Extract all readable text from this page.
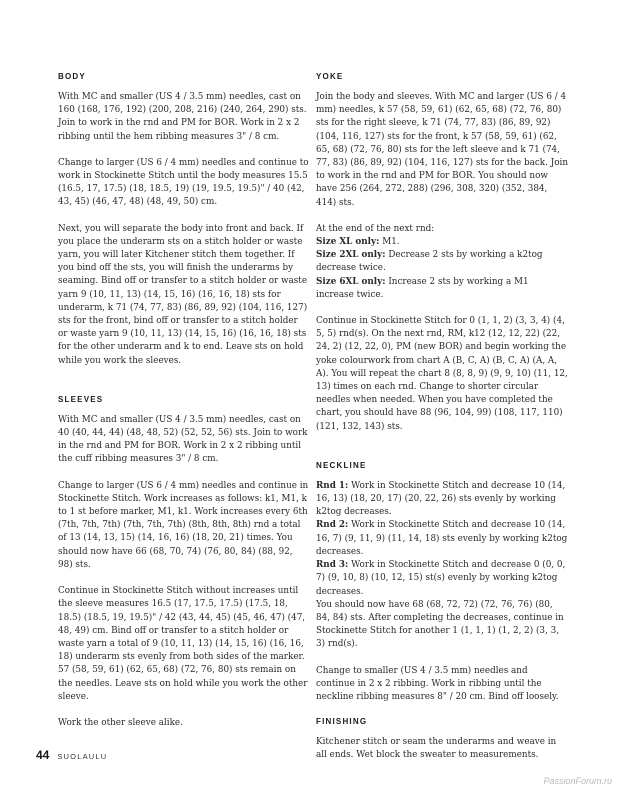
BODY

With MC and smaller (US 4 / 3.5 mm) needles, cast on 160 (168, 176, 192) (200, 208, 216) (240, 264, 290) sts. Join to work in the rnd and PM for BOR. Work in 2 x 2 ribbing until the hem ribbing measures 3" / 8 cm.

Change to larger (US 6 / 4 mm) needles and continue to work in Stockinette Stitch until the body measures 15.5 (16.5, 17, 17.5) (18, 18.5, 19) (19, 19.5, 19.5)" / 40 (42, 43, 45) (46, 47, 48) (48, 49, 50) cm.

Next, you will separate the body into front and back. If you place the underarm sts on a stitch holder or waste yarn, you will later Kitchener stitch them together. If you bind off the sts, you will finish the underarms by seaming. Bind off or transfer to a stitch holder or waste yarn 9 (10, 11, 13) (14, 15, 16) (16, 16, 18) sts for underarm, k 71 (74, 77, 83) (86, 89, 92) (104, 116, 127) sts for the front, bind off or transfer to a stitch holder or waste yarn 9 (10, 11, 13) (14, 15, 16) (16, 16, 18) sts for the other underarm and k to end. Leave sts on hold while you work the sleeves.

SLEEVES

With MC and smaller (US 4 / 3.5 mm) needles, cast on 40 (40, 44, 44) (48, 48, 52) (52, 52, 56) sts. Join to work in the rnd and PM for BOR. Work in 2 x 2 ribbing until the cuff ribbing measures 3" / 8 cm.

Change to larger (US 6 / 4 mm) needles and continue in Stockinette Stitch. Work increases as follows: k1, M1, k to 1 st before marker, M1, k1. Work increases every 6th (7th, 7th, 7th) (7th, 7th, 7th) (8th, 8th, 8th) rnd a total of 13 (14, 13, 15) (14, 16, 16) (18, 20, 21) times. You should now have 66 (68, 70, 74) (76, 80, 84) (88, 92, 98) sts.

Continue in Stockinette Stitch without increases until the sleeve measures 16.5 (17, 17.5, 17.5) (17.5, 18, 18.5) (18.5, 19, 19.5)" / 42 (43, 44, 45) (45, 46, 47) (47, 48, 49) cm. Bind off or transfer to a stitch holder or waste yarn a total of 9 (10, 11, 13) (14, 15, 16) (16, 16, 18) underarm sts evenly from both sides of the marker. 57 (58, 59, 61) (62, 65, 68) (72, 76, 80) sts remain on the needles. Leave sts on hold while you work the other sleeve.

Work the other sleeve alike.

YOKE

Join the body and sleeves. With MC and larger (US 6 / 4 mm) needles, k 57 (58, 59, 61) (62, 65, 68) (72, 76, 80) sts for the right sleeve, k 71 (74, 77, 83) (86, 89, 92) (104, 116, 127) sts for the front, k 57 (58, 59, 61) (62, 65, 68) (72, 76, 80) sts for the left sleeve and k 71 (74, 77, 83) (86, 89, 92) (104, 116, 127) sts for the back. Join to work in the rnd and PM for BOR. You should now have 256 (264, 272, 288) (296, 308, 320) (352, 384, 414) sts.

At the end of the next rnd:
Size XL only: M1.
Size 2XL only: Decrease 2 sts by working a k2tog decrease twice.
Size 6XL only: Increase 2 sts by working a M1 increase twice.

Continue in Stockinette Stitch for 0 (1, 1, 2) (3, 3, 4) (4, 5, 5) rnd(s). On the next rnd, RM, k12 (12, 12, 22) (22, 24, 2) (12, 22, 0), PM (new BOR) and begin working the yoke colourwork from chart A (B, C, A) (B, C, A) (A, A, A). You will repeat the chart 8 (8, 8, 9) (9, 9, 10) (11, 12, 13) times on each rnd. Change to shorter circular needles when needed. When you have completed the chart, you should have 88 (96, 104, 99) (108, 117, 110) (121, 132, 143) sts.

NECKLINE

Rnd 1: Work in Stockinette Stitch and decrease 10 (14, 16, 13) (18, 20, 17) (20, 22, 26) sts evenly by working k2tog decreases.
Rnd 2: Work in Stockinette Stitch and decrease 10 (14, 16, 7) (9, 11, 9) (11, 14, 18) sts evenly by working k2tog decreases.
Rnd 3: Work in Stockinette Stitch and decrease 0 (0, 0, 7) (9, 10, 8) (10, 12, 15) st(s) evenly by working k2tog decreases.
You should now have 68 (68, 72, 72) (72, 76, 76) (80, 84, 84) sts. After completing the decreases, continue in Stockinette Stitch for another 1 (1, 1, 1) (1, 2, 2) (3, 3, 3) rnd(s).

Change to smaller (US 4 / 3.5 mm) needles and continue in 2 x 2 ribbing. Work in ribbing until the neckline ribbing measures 8" / 20 cm. Bind off loosely.

FINISHING

Kitchener stitch or seam the underarms and weave in all ends. Wet block the sweater to measurements.

44 SUOLAULU
PassionForum.ru
